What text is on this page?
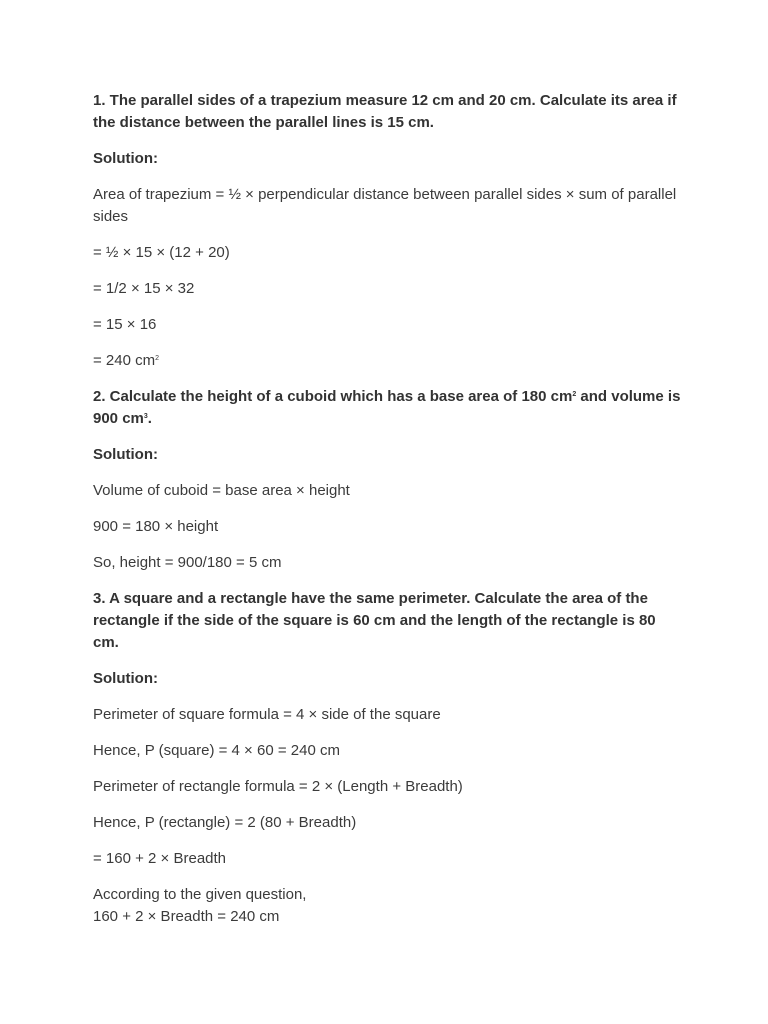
1. The parallel sides of a trapezium measure 12 cm and 20 cm. Calculate its area if the distance between the parallel lines is 15 cm.

Solution:

Area of trapezium = ½ × perpendicular distance between parallel sides × sum of parallel sides

= ½ × 15 × (12 + 20)

= 1/2 × 15 × 32

= 15 × 16

= 240 $cm^2$

2. Calculate the height of a cuboid which has a base area of 180 $cm^2$ and volume is 900 $cm^3$.

Solution:

Volume of cuboid = base area × height

900 = 180 × height

So, height = 900/180 = 5 cm

3. A square and a rectangle have the same perimeter. Calculate the area of the rectangle if the side of the square is 60 cm and the length of the rectangle is 80 cm.

Solution:

Perimeter of square formula = 4 × side of the square

Hence, P (square) = 4 × 60 = 240 cm

Perimeter of rectangle formula = 2 × (Length + Breadth)

Hence, P (rectangle) = 2 (80 + Breadth)

= 160 + 2 × Breadth

According to the given question,
160 + 2 × Breadth = 240 cm
